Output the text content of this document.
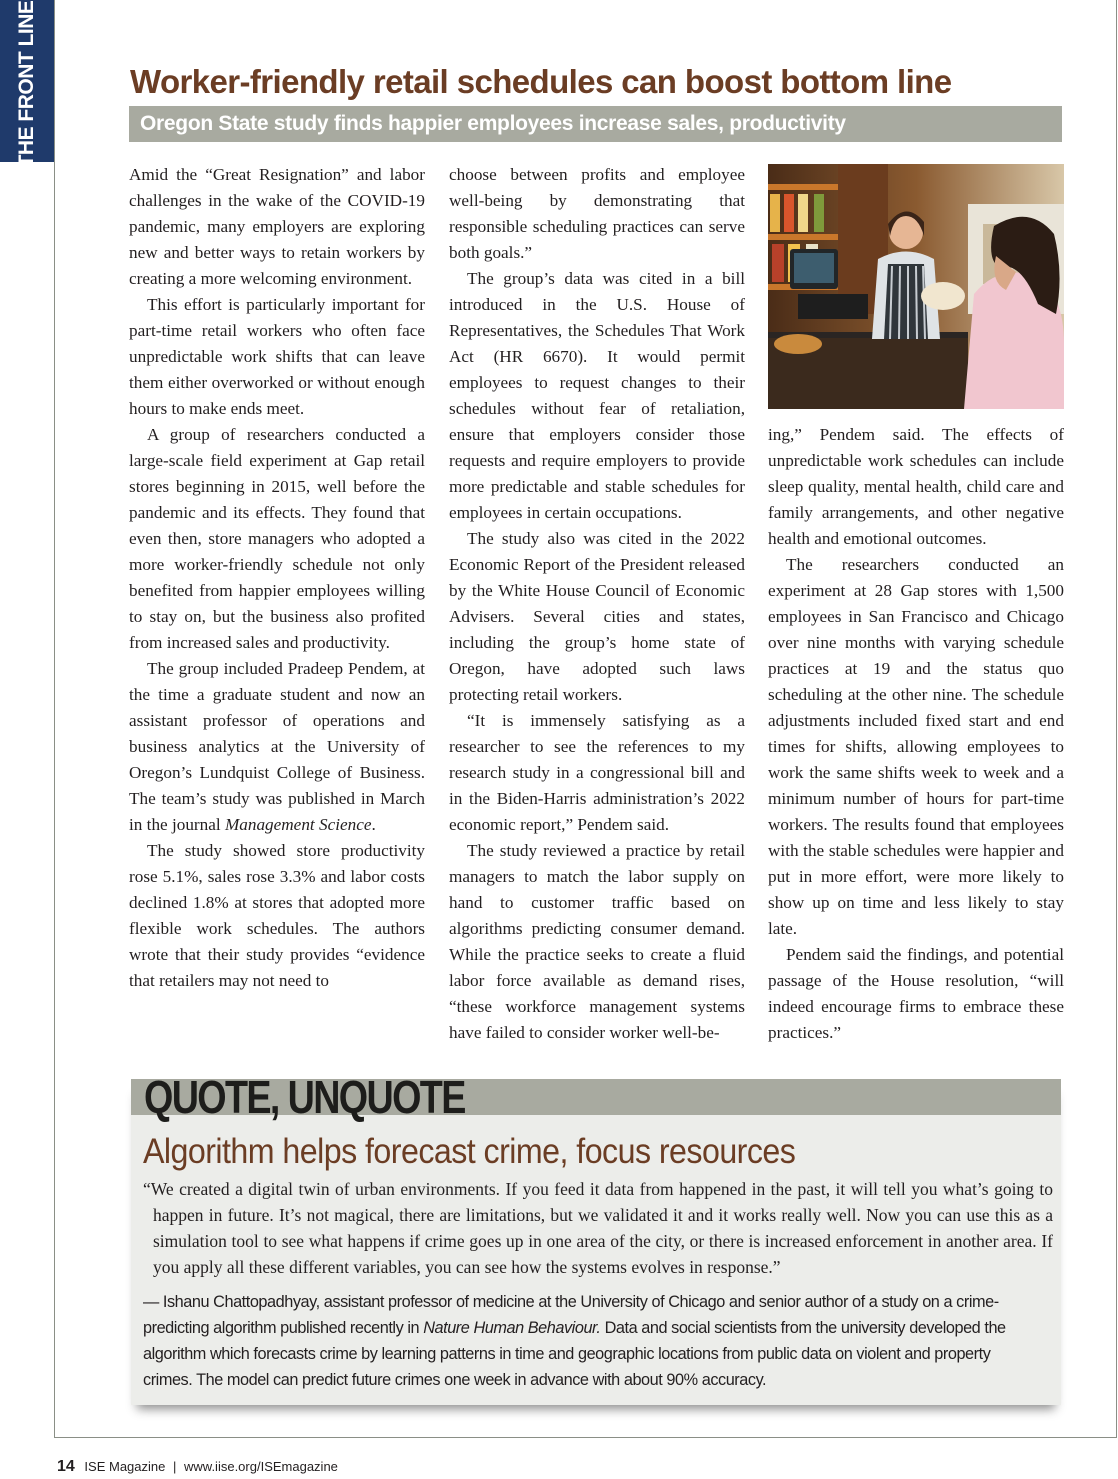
THE FRONT LINE	Worker-friendly retail schedules can boost bottom line
Oregon State study finds happier employees increase sales, productivity

Amid the “Great Resignation” and labor challenges in the wake of the COVID-19 pandemic, many employers are exploring new and better ways to retain workers by creating a more welcoming environment.

This effort is particularly important for part-time retail workers who often face unpredictable work shifts that can leave them either overworked or without enough hours to make ends meet.

A group of researchers conducted a large-scale field experiment at Gap retail stores beginning in 2015, well before the pandemic and its effects. They found that even then, store managers who adopted a more worker-friendly schedule not only benefited from happier employees willing to stay on, but the business also profited from increased sales and productivity.

The group included Pradeep Pendem, at the time a graduate student and now an assistant professor of operations and business analytics at the University of Oregon’s Lundquist College of Business. The team’s study was published in March in the journal Management Science.

The study showed store productivity rose 5.1%, sales rose 3.3% and labor costs declined 1.8% at stores that adopted more flexible work schedules. The authors wrote that their study provides “evidence that retailers may not need to

choose between profits and employee well-being by demonstrating that responsible scheduling practices can serve both goals.”

The group’s data was cited in a bill introduced in the U.S. House of Representatives, the Schedules That Work Act (HR 6670). It would permit employees to request changes to their schedules without fear of retaliation, ensure that employers consider those requests and require employers to provide more predictable and stable schedules for employees in certain occupations.

The study also was cited in the 2022 Economic Report of the President released by the White House Council of Economic Advisers. Several cities and states, including the group’s home state of Oregon, have adopted such laws protecting retail workers.

“It is immensely satisfying as a researcher to see the references to my research study in a congressional bill and in the Biden-Harris administration’s 2022 economic report,” Pendem said.

The study reviewed a practice by retail managers to match the labor supply on hand to customer traffic based on algorithms predicting consumer demand. While the practice seeks to create a fluid labor force available as demand rises, “these workforce management systems have failed to consider worker well-be-

ing,” Pendem said. The effects of unpredictable work schedules can include sleep quality, mental health, child care and family arrangements, and other negative health and emotional outcomes.

The researchers conducted an experiment at 28 Gap stores with 1,500 employees in San Francisco and Chicago over nine months with varying schedule practices at 19 and the status quo scheduling at the other nine. The schedule adjustments included fixed start and end times for shifts, allowing employees to work the same shifts week to week and a minimum number of hours for part-time workers. The results found that employees with the stable schedules were happier and put in more effort, were more likely to show up on time and less likely to stay late.

Pendem said the findings, and potential passage of the House resolution, “will indeed encourage firms to embrace these practices.”

QUOTE, UNQUOTE
Algorithm helps forecast crime, focus resources

“We created a digital twin of urban environments. If you feed it data from happened in the past, it will tell you what’s going to happen in future. It’s not magical, there are limitations, but we validated it and it works really well. Now you can use this as a simulation tool to see what happens if crime goes up in one area of the city, or there is increased enforcement in another area. If you apply all these different variables, you can see how the systems evolves in response.”

— Ishanu Chattopadhyay, assistant professor of medicine at the University of Chicago and senior author of a study on a crime-predicting algorithm published recently in Nature Human Behaviour. Data and social scientists from the university developed the algorithm which forecasts crime by learning patterns in time and geographic locations from public data on violent and property crimes. The model can predict future crimes one week in advance with about 90% accuracy.

14 ISE Magazine | www.iise.org/ISEmagazine
